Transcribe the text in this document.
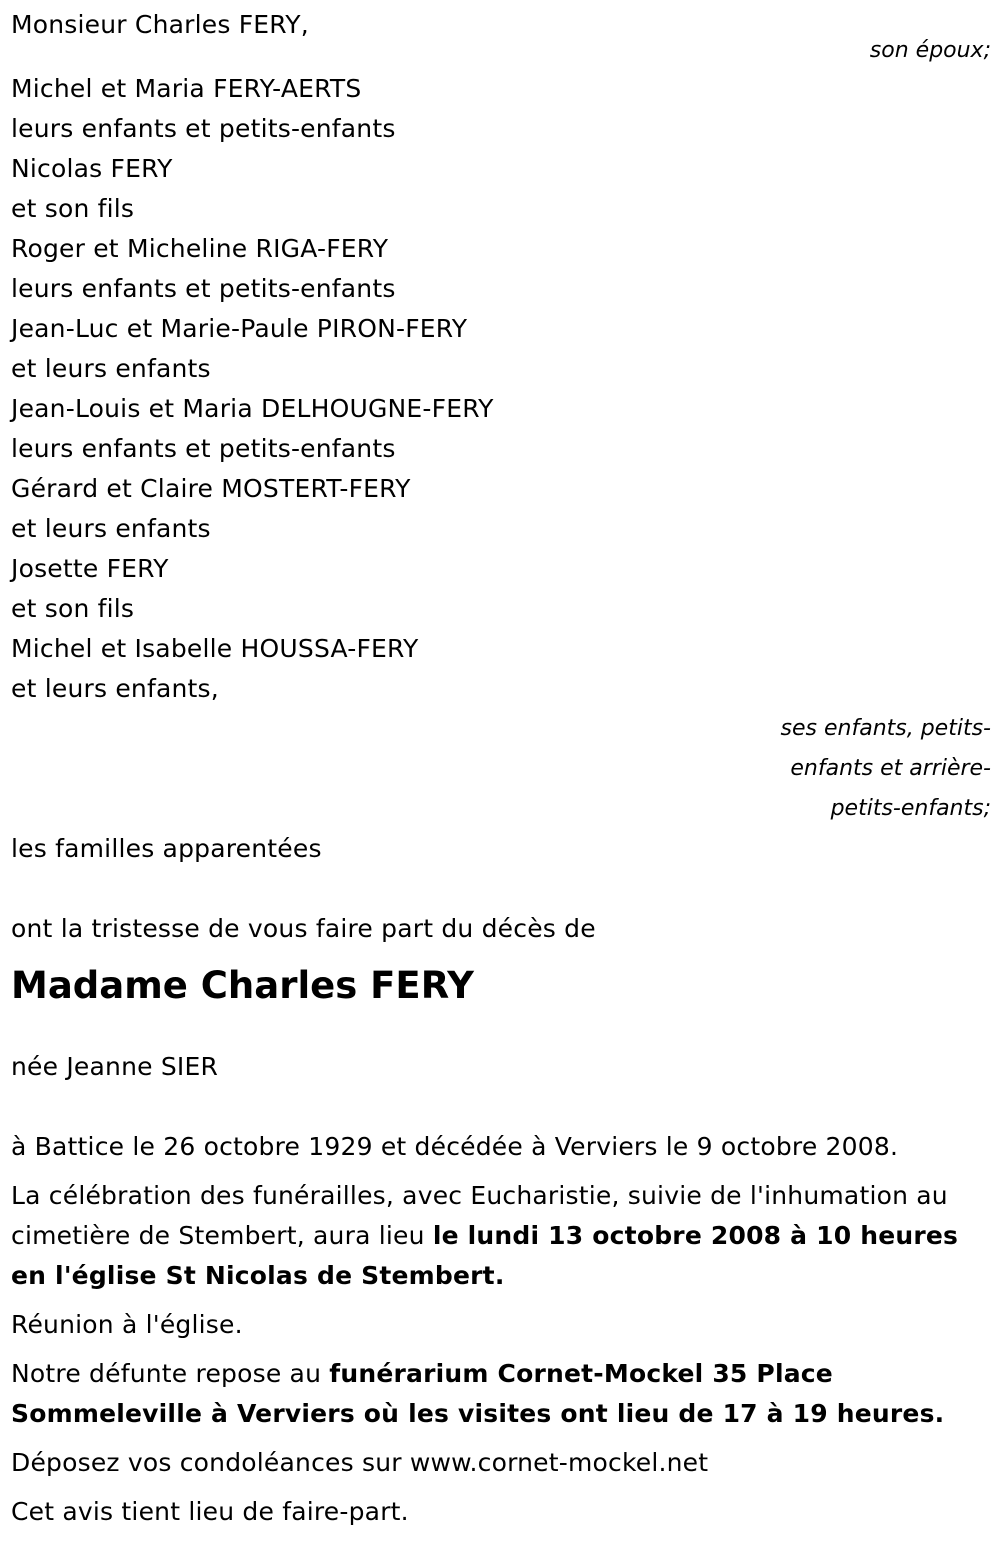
Monsieur Charles FERY,
son époux;
Michel et Maria FERY-AERTS
leurs enfants et petits-enfants
Nicolas FERY
et son fils
Roger et Micheline RIGA-FERY
leurs enfants et petits-enfants
Jean-Luc et Marie-Paule PIRON-FERY
et leurs enfants
Jean-Louis et Maria DELHOUGNE-FERY
leurs enfants et petits-enfants
Gérard et Claire MOSTERT-FERY
et leurs enfants
Josette FERY
et son fils
Michel et Isabelle HOUSSA-FERY
et leurs enfants,
ses enfants, petits-
enfants et arrière-
petits-enfants;
les familles apparentées
ont la tristesse de vous faire part du décès de
Madame Charles FERY
née Jeanne SIER
à Battice le 26 octobre 1929 et décédée à Verviers le 9 octobre 2008.
La célébration des funérailles, avec Eucharistie, suivie de l'inhumation au cimetière de Stembert, aura lieu le lundi 13 octobre 2008 à 10 heures en l'église St Nicolas de Stembert.
Réunion à l'église.
Notre défunte repose au funérarium Cornet-Mockel 35 Place Sommeleville à Verviers où les visites ont lieu de 17 à 19 heures.
Déposez vos condoléances sur www.cornet-mockel.net
Cet avis tient lieu de faire-part.
